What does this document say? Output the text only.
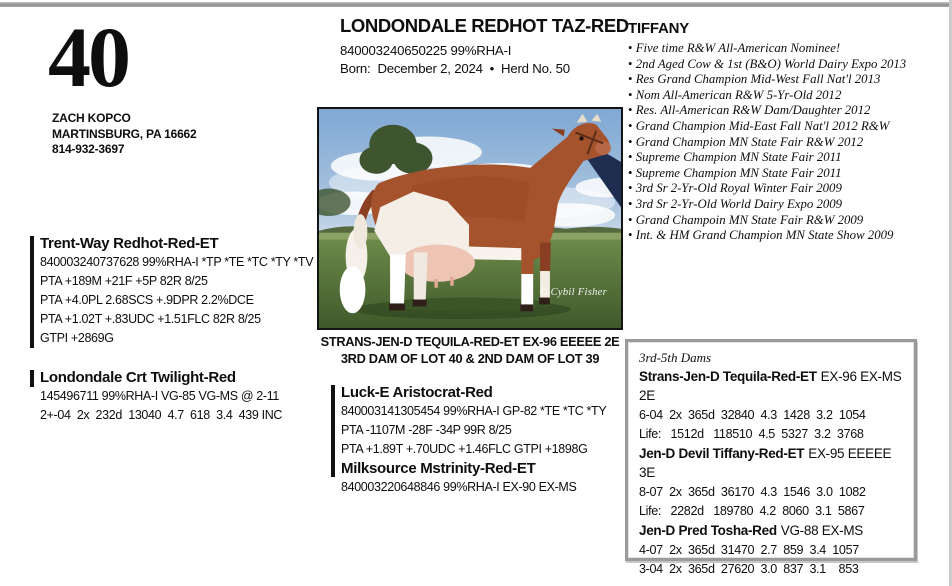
40
ZACH KOPCO
MARTINSBURG, PA 16662
814-932-3697
LONDONDALE REDHOT TAZ-RED
840003240650225 99%RHA-I
Born:  December 2, 2024  •  Herd No. 50
© Cybil Fisher
STRANS-JEN-D TEQUILA-RED-ET EX-96 EEEEE 2E
3RD DAM OF LOT 40 & 2ND DAM OF LOT 39
Trent-Way Redhot-Red-ET
840003240737628 99%RHA-I *TP *TE *TC *TY *TV
PTA +189M +21F +5P 82R 8/25
PTA +4.0PL 2.68SCS +.9DPR 2.2%DCE
PTA +1.02T +.83UDC +1.51FLC 82R 8/25
GTPI +2869G
Londondale Crt Twilight-Red
145496711 99%RHA-I VG-85 VG-MS @ 2-11
2+-04  2x  232d  13040  4.7  618  3.4  439 INC
Luck-E Aristocrat-Red
840003141305454 99%RHA-I GP-82 *TE *TC *TY
PTA -1107M -28F -34P 99R 8/25
PTA +1.89T +.70UDC +1.46FLC GTPI +1898G
Milksource Mstrinity-Red-ET
840003220648846 99%RHA-I EX-90 EX-MS
TIFFANY
• Five time R&W All-American Nominee!
• 2nd Aged Cow & 1st (B&O) World Dairy Expo 2013
• Res Grand Champion Mid-West Fall Nat'l 2013
• Nom All-American R&W 5-Yr-Old 2012
• Res. All-American R&W Dam/Daughter 2012
• Grand Champion Mid-East Fall Nat'l 2012 R&W
• Grand Champion MN State Fair R&W 2012
• Supreme Champion MN State Fair 2011
• Supreme Champion MN State Fair 2011
• 3rd Sr 2-Yr-Old Royal Winter Fair 2009
• 3rd Sr 2-Yr-Old World Dairy Expo 2009
• Grand Champoin MN State Fair R&W 2009
• Int. & HM Grand Champion MN State Show 2009
3rd-5th Dams
Strans-Jen-D Tequila-Red-ET EX-96 EX-MS 2E
6-04  2x  365d  32840  4.3  1428  3.2  1054
Life:   1512d   118510  4.5  5327  3.2  3768
Jen-D Devil Tiffany-Red-ET EX-95 EEEEE 3E
8-07  2x  365d  36170  4.3  1546  3.0  1082
Life:   2282d   189780  4.2  8060  3.1  5867
Jen-D Pred Tosha-Red VG-88 EX-MS
4-07  2x  365d  31470  2.7  859  3.4  1057
3-04  2x  365d  27620  3.0  837  3.1    853
